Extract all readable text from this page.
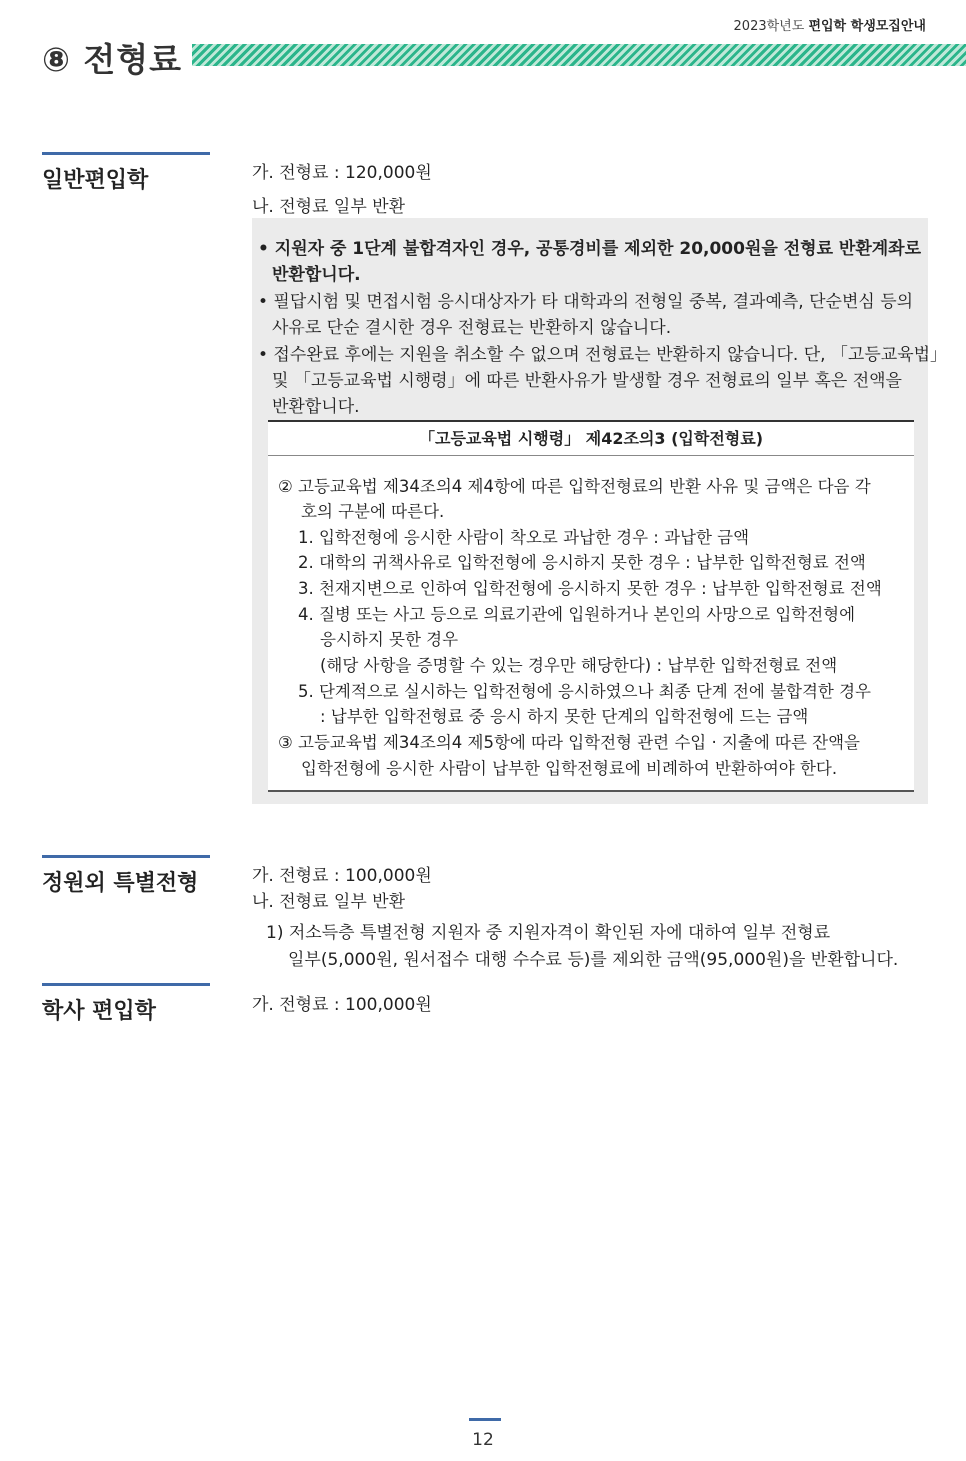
2023학년도 편입학 학생모집안내
⑧ 전형료
일반편입학	가. 전형료 : 120,000원
나. 전형료 일부 반환
• 지원자 중 1단계 불합격자인 경우, 공통경비를 제외한 20,000원을 전형료 반환계좌로
반환합니다.
• 필답시험 및 면접시험 응시대상자가 타 대학과의 전형일 중복, 결과예측, 단순변심 등의
사유로 단순 결시한 경우 전형료는 반환하지 않습니다.
• 접수완료 후에는 지원을 취소할 수 없으며 전형료는 반환하지 않습니다. 단, 「고등교육법」
및 「고등교육법 시행령」에 따른 반환사유가 발생할 경우 전형료의 일부 혹은 전액을
반환합니다.
「고등교육법 시행령」 제42조의3 (입학전형료)
② 고등교육법 제34조의4 제4항에 따른 입학전형료의 반환 사유 및 금액은 다음 각
호의 구분에 따른다.
1. 입학전형에 응시한 사람이 착오로 과납한 경우 : 과납한 금액
2. 대학의 귀책사유로 입학전형에 응시하지 못한 경우 : 납부한 입학전형료 전액
3. 천재지변으로 인하여 입학전형에 응시하지 못한 경우 : 납부한 입학전형료 전액
4. 질병 또는 사고 등으로 의료기관에 입원하거나 본인의 사망으로 입학전형에
응시하지 못한 경우
(해당 사항을 증명할 수 있는 경우만 해당한다) : 납부한 입학전형료 전액
5. 단계적으로 실시하는 입학전형에 응시하였으나 최종 단계 전에 불합격한 경우
: 납부한 입학전형료 중 응시 하지 못한 단계의 입학전형에 드는 금액
③ 고등교육법 제34조의4 제5항에 따라 입학전형 관련 수입 · 지출에 따른 잔액을
입학전형에 응시한 사람이 납부한 입학전형료에 비례하여 반환하여야 한다.
정원외 특별전형	가. 전형료 : 100,000원
나. 전형료 일부 반환
1) 저소득층 특별전형 지원자 중 지원자격이 확인된 자에 대하여 일부 전형료
일부(5,000원, 원서접수 대행 수수료 등)를 제외한 금액(95,000원)을 반환합니다.
학사 편입학	가. 전형료 : 100,000원
12
